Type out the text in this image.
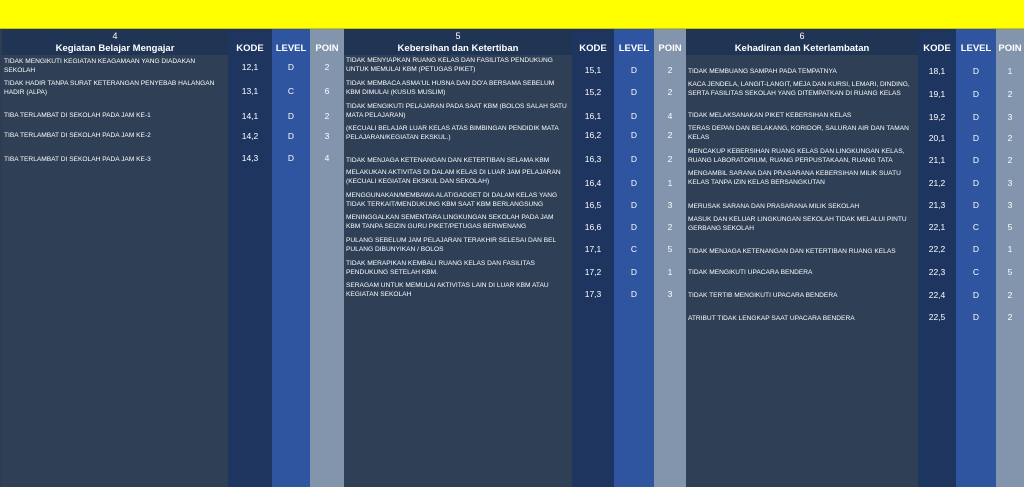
4
Kegiatan Belajar Mengajar	KODE	LEVEL POIN
TIDAK MENGIKUTI KEGIATAN KEAGAMAAN YANG DIADAKAN SEKOLAH	12,1	D	2
TIDAK HADIR TANPA SURAT KETERANGAN PENYEBAB HALANGAN HADIR (ALPA)	13,1	C	6
TIBA TERLAMBAT DI SEKOLAH PADA JAM KE-1	14,1	D	2
TIBA TERLAMBAT DI SEKOLAH PADA JAM KE-2	14,2	D	3
TIBA TERLAMBAT DI SEKOLAH PADA JAM KE-3	14,3	D	4
5
Kebersihan dan Ketertiban	KODE	LEVEL POIN
TIDAK MENYIAPKAN RUANG KELAS DAN FASILITAS PENDUKUNG UNTUK MEMULAI KBM (PETUGAS PIKET)	15,1	D	2
TIDAK MEMBACA ASMA'UL HUSNA DAN DO'A BERSAMA SEBELUM KBM DIMULAI (KUSUS MUSLIM)	15,2	D	2
TIDAK MENGIKUTI PELAJARAN PADA SAAT KBM (BOLOS SALAH SATU MATA PELAJARAN)	16,1	D	4
(KECUALI BELAJAR LUAR KELAS ATAS BIMBINGAN PENDIDIK MATA PELAJARAN/KEGIATAN EKSKUL.)	16,2	D	2
TIDAK MENJAGA KETENANGAN DAN KETERTIBAN SELAMA KBM	16,3	D	2
MELAKUKAN AKTIVITAS DI DALAM KELAS DI LUAR JAM PELAJARAN (KECUALI KEGIATAN EKSKUL DAN SEKOLAH)	16,4	D	1
MENGGUNAKAN/MEMBAWA ALAT/GADGET DI DALAM KELAS YANG TIDAK TERKAIT/MENDUKUNG KBM SAAT KBM BERLANGSUNG	16,5	D	3
MENINGGALKAN SEMENTARA LINGKUNGAN SEKOLAH PADA JAM KBM TANPA SEIZIN GURU PIKET/PETUGAS BERWENANG	16,6	D	2
PULANG SEBELUM JAM PELAJARAN TERAKHIR SELESAI DAN BEL PULANG DIBUNYIKAN / BOLOS	17,1	C	5
TIDAK MERAPIKAN KEMBALI RUANG KELAS DAN FASILITAS PENDUKUNG SETELAH KBM.	17,2	D	1
SERAGAM UNTUK MEMULAI AKTIVITAS LAIN DI LUAR KBM ATAU KEGIATAN SEKOLAH	17,3	D	3
6
Kehadiran dan Keterlambatan	KODE	LEVEL POIN
TIDAK MEMBUANG SAMPAH PADA TEMPATNYA	18,1	D	1
KACA JENDELA, LANGIT-LANGIT, MEJA DAN KURSI, LEMARI, DINDING, SERTA FASILITAS SEKOLAH YANG DITEMPATKAN DI RUANG KELAS	19,1	D	2
TIDAK MELAKSANAKAN PIKET KEBERSIHAN KELAS	19,2	D	3
TERAS DEPAN DAN BELAKANG, KORIDOR, SALURAN AIR DAN TAMAN KELAS	20,1	D	2
MENCAKUP KEBERSIHAN RUANG KELAS DAN LINGKUNGAN KELAS, RUANG LABORATORIUM, RUANG PERPUSTAKAAN, RUANG TATA	21,1	D	2
MENGAMBIL SARANA DAN PRASARANA KEBERSIHAN MILIK SUATU KELAS TANPA IZIN KELAS BERSANGKUTAN	21,2	D	3
MERUSAK SARANA DAN PRASARANA MILIK SEKOLAH	21,3	D	3
MASUK DAN KELUAR LINGKUNGAN SEKOLAH TIDAK MELALUI PINTU GERBANG SEKOLAH	22,1	C	5
TIDAK MENJAGA KETENANGAN DAN KETERTIBAN RUANG KELAS	22,2	D	1
TIDAK MENGIKUTI UPACARA BENDERA	22,3	C	5
TIDAK TERTIB MENGIKUTI UPACARA BENDERA	22,4	D	2
ATRIBUT TIDAK LENGKAP SAAT UPACARA BENDERA	22,5	D	2
